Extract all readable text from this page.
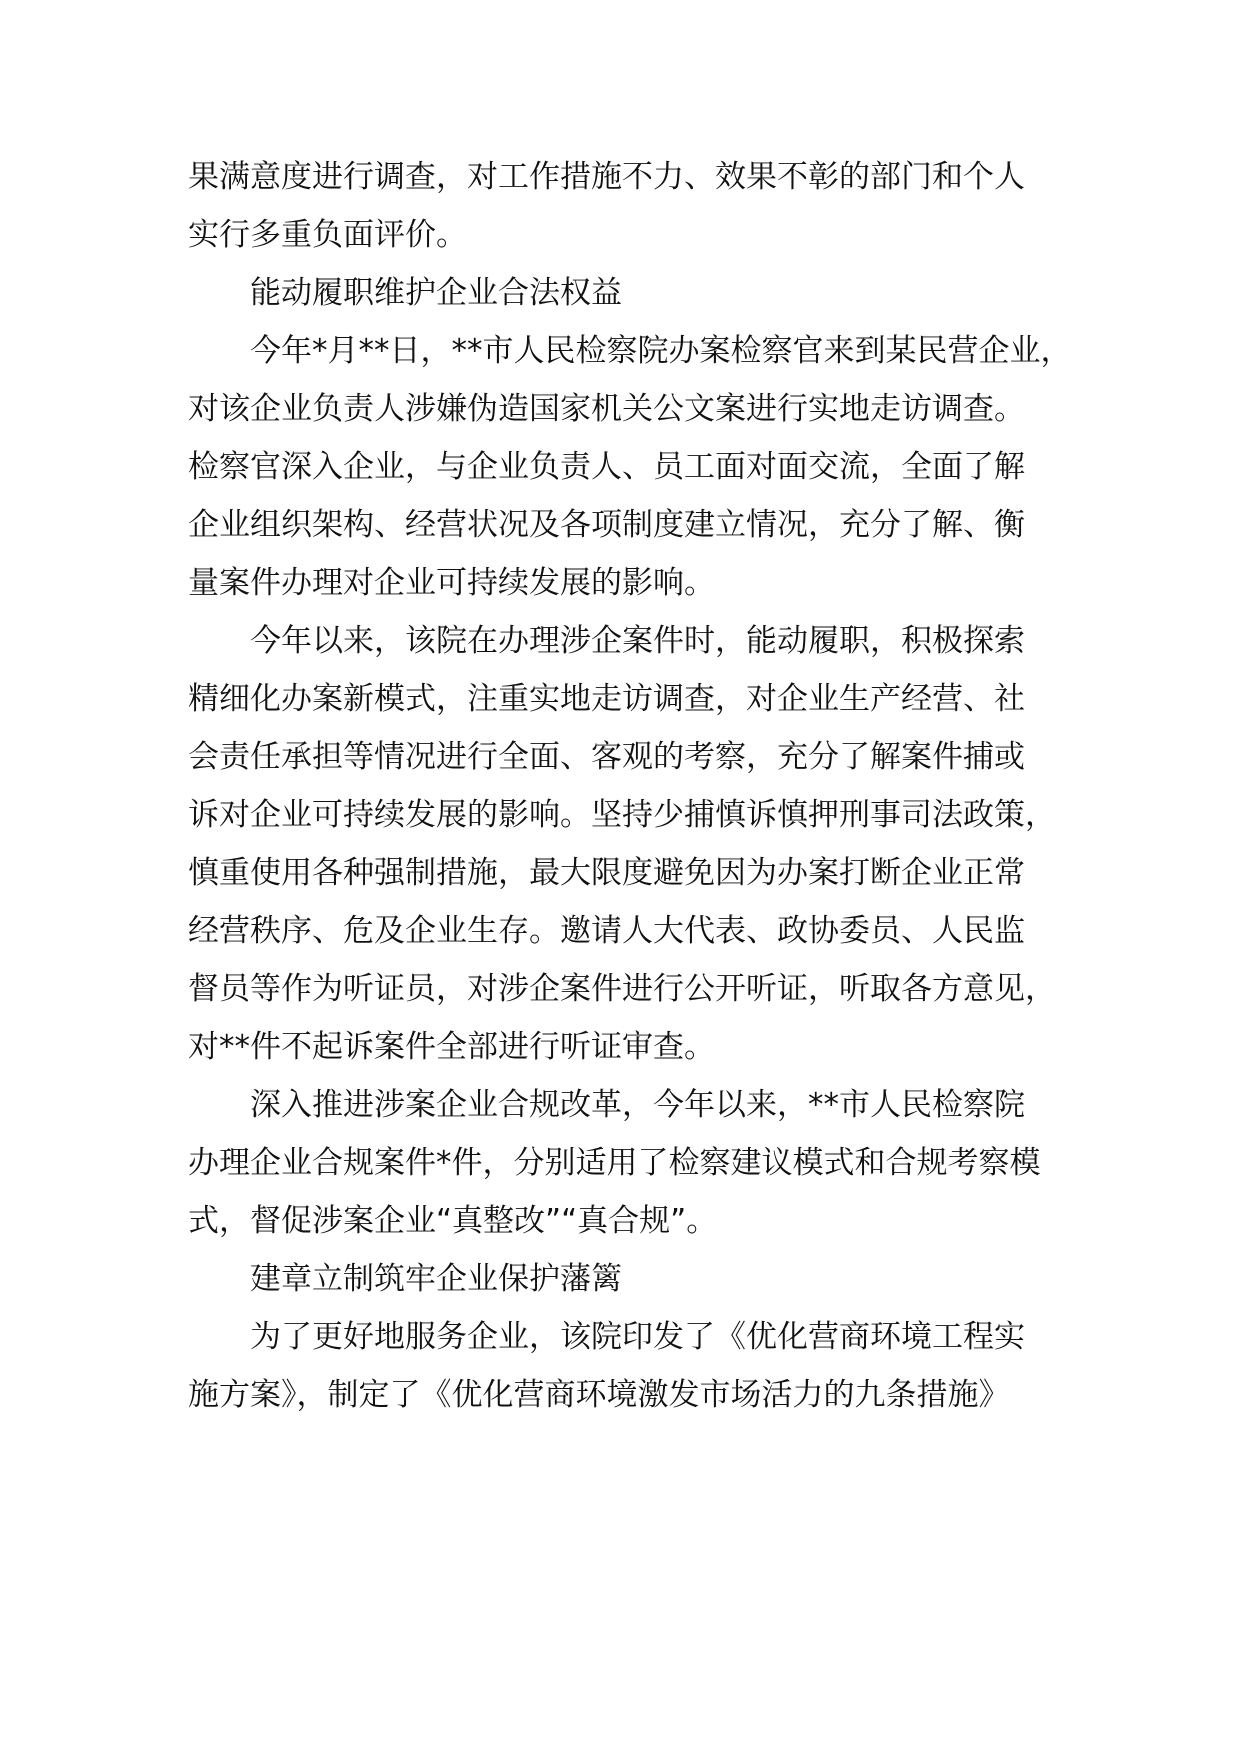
果满意度进行调查，对工作措施不力、效果不彰的部门和个人
实行多重负面评价。
能动履职维护企业合法权益
今年*月**日，**市人民检察院办案检察官来到某民营企业，
对该企业负责人涉嫌伪造国家机关公文案进行实地走访调查。
检察官深入企业，与企业负责人、员工面对面交流，全面了解
企业组织架构、经营状况及各项制度建立情况，充分了解、衡
量案件办理对企业可持续发展的影响。
今年以来，该院在办理涉企案件时，能动履职，积极探索
精细化办案新模式，注重实地走访调查，对企业生产经营、社
会责任承担等情况进行全面、客观的考察，充分了解案件捕或
诉对企业可持续发展的影响。坚持少捕慎诉慎押刑事司法政策，
慎重使用各种强制措施，最大限度避免因为办案打断企业正常
经营秩序、危及企业生存。邀请人大代表、政协委员、人民监
督员等作为听证员，对涉企案件进行公开听证，听取各方意见，
对**件不起诉案件全部进行听证审查。
深入推进涉案企业合规改革，今年以来，**市人民检察院
办理企业合规案件*件，分别适用了检察建议模式和合规考察模
式，督促涉案企业“真整改”“真合规”。
建章立制筑牢企业保护藩篱
为了更好地服务企业，该院印发了《优化营商环境工程实
施方案》，制定了《优化营商环境激发市场活力的九条措施》
